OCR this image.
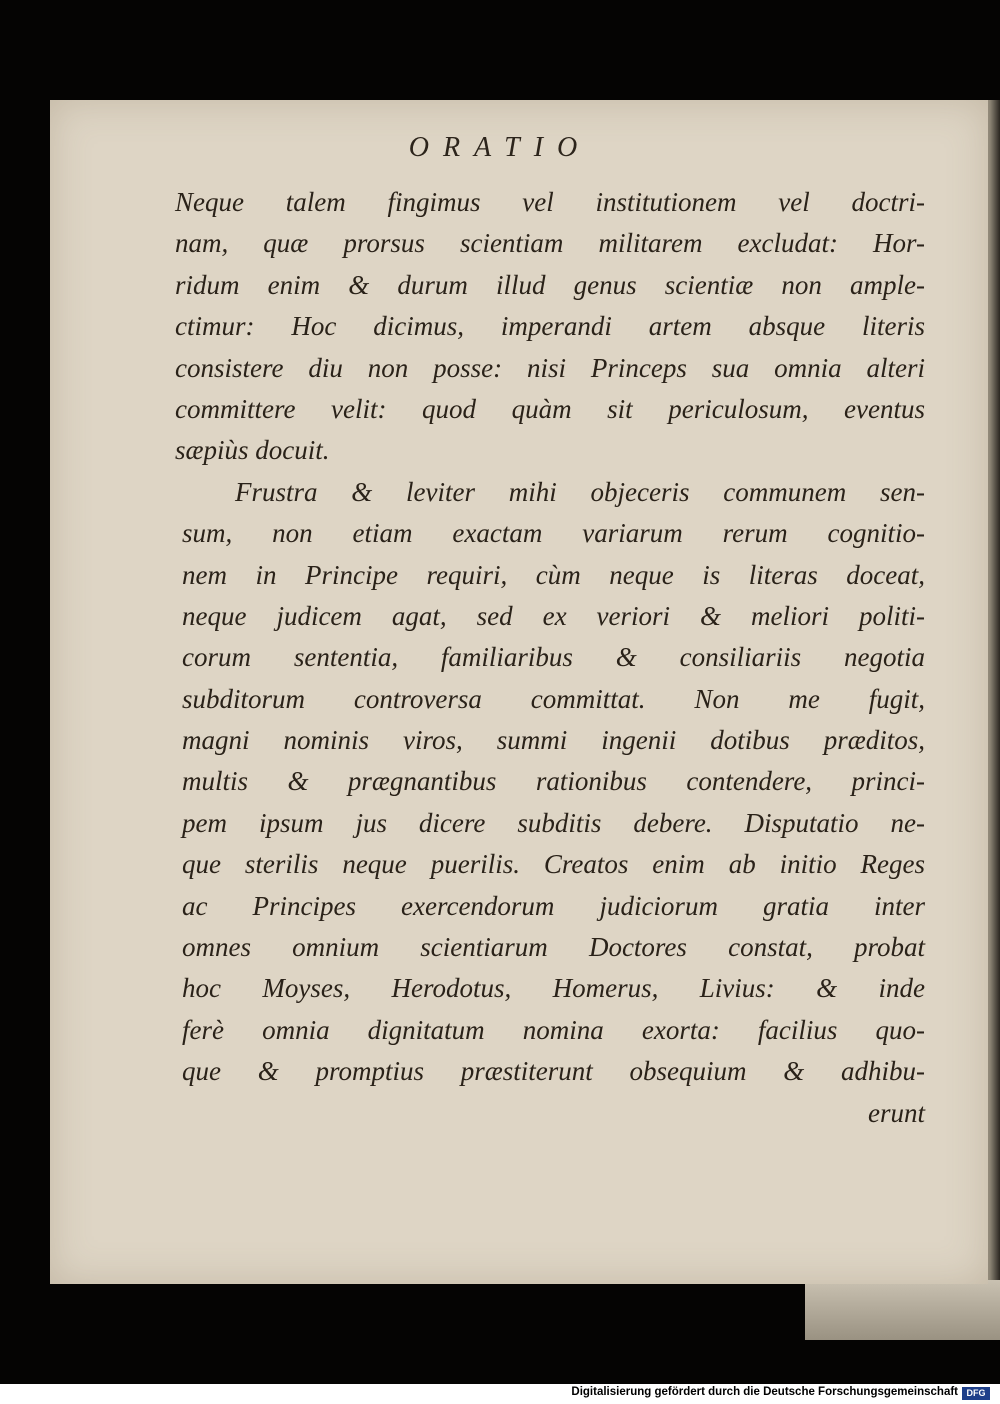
ORATIO
Neque talem fingimus vel institutionem vel doctri-
nam, quæ prorsus scientiam militarem excludat: Hor-
ridum enim & durum illud genus scientiæ non ample-
ctimur: Hoc dicimus, imperandi artem absque literis
consistere diu non posse: nisi Princeps sua omnia alteri
committere velit: quod quàm sit periculosum, eventus
sæpiùs docuit.
Frustra & leviter mihi objeceris communem sen-
sum, non etiam exactam variarum rerum cognitio-
nem in Principe requiri, cùm neque is literas doceat,
neque judicem agat, sed ex veriori & meliori politi-
corum sententia, familiaribus & consiliariis negotia
subditorum controversa committat. Non me fugit,
magni nominis viros, summi ingenii dotibus præditos,
multis & prægnantibus rationibus contendere, princi-
pem ipsum jus dicere subditis debere. Disputatio ne-
que sterilis neque puerilis. Creatos enim ab initio Reges
ac Principes exercendorum judiciorum gratia inter
omnes omnium scientiarum Doctores constat, probat
hoc Moyses, Herodotus, Homerus, Livius: & inde
ferè omnia dignitatum nomina exorta: facilius quo-
que & promptius præstiterunt obsequium & adhibu-
erunt
Digitalisierung gefördert durch die Deutsche Forschungsgemeinschaft DFG
